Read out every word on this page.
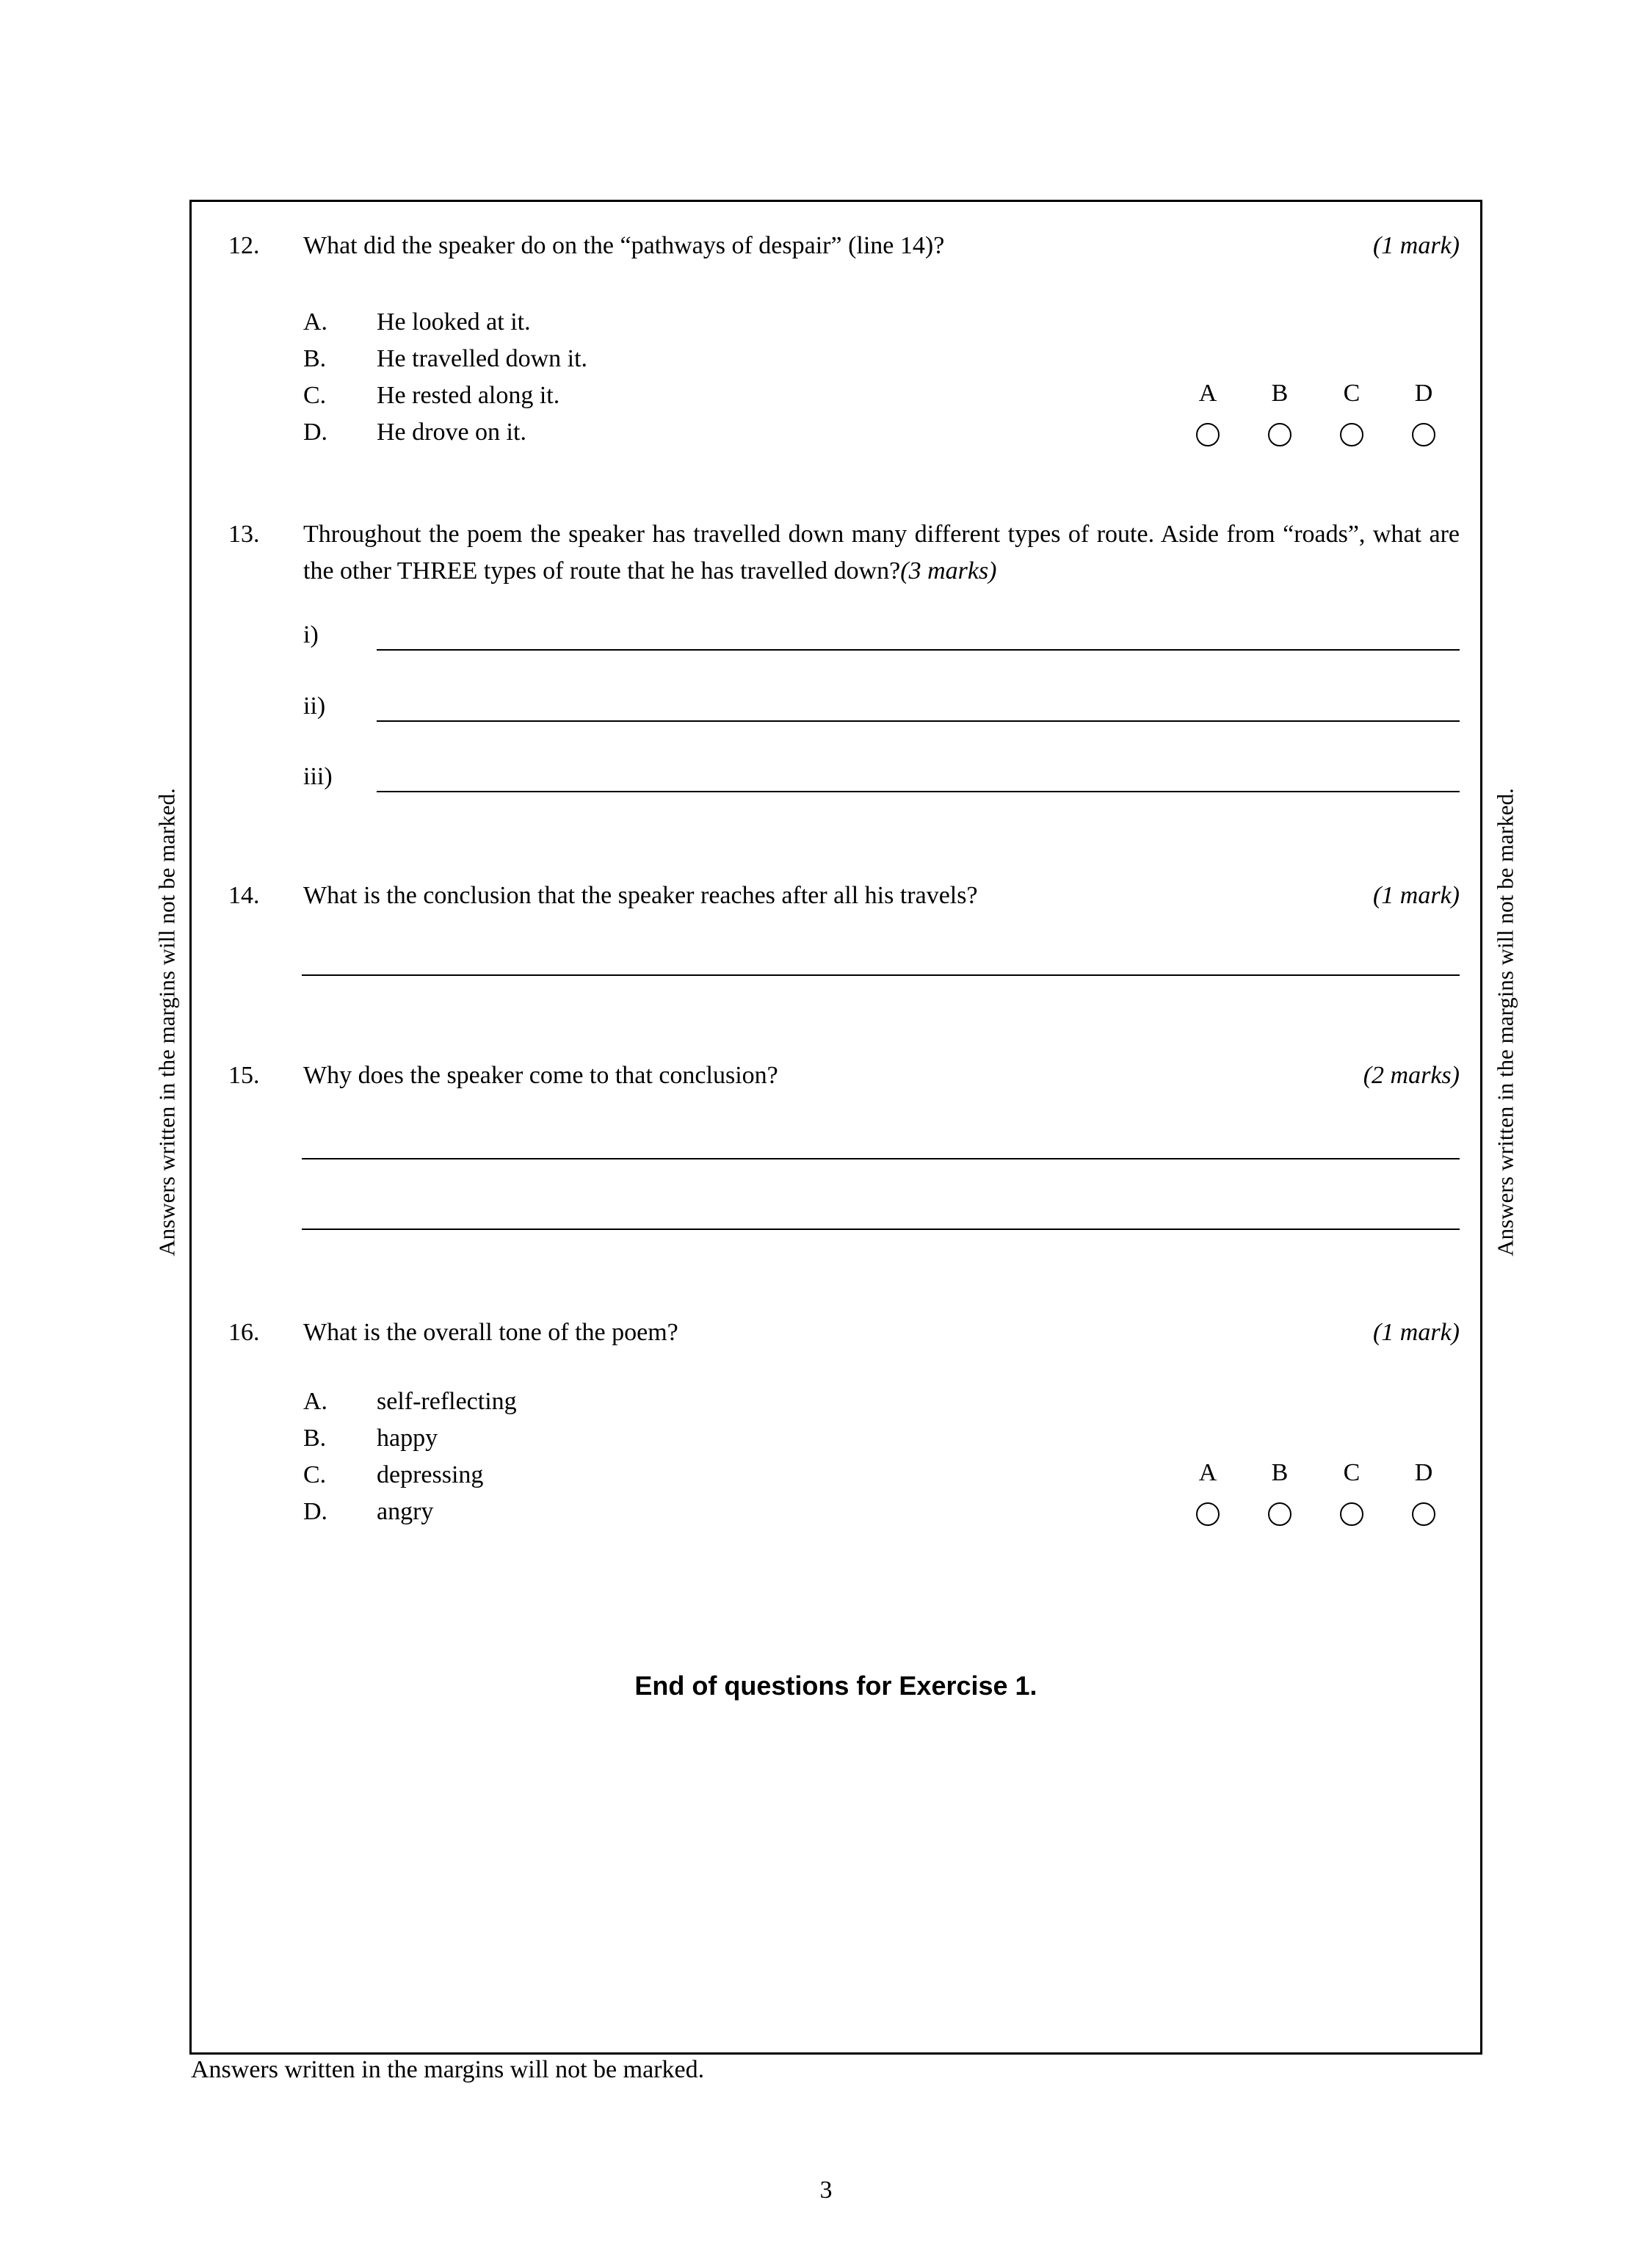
Answers written in the margins will not be marked.	Answers written in the margins will not be marked.
12.	What did the speaker do on the “pathways of despair” (line 14)?	(1 mark)
A.	He looked at it.
B.	He travelled down it.
C.	He rested along it.
D.	He drove on it.
A	B	C	D
13.	Throughout the poem the speaker has travelled down many different types of route. Aside from “roads”, what are the other THREE types of route that he has travelled down?(3 marks)

i)
ii)
iii)
14.	What is the conclusion that the speaker reaches after all his travels?	(1 mark)
15.	Why does the speaker come to that conclusion?	(2 marks)
16.	What is the overall tone of the poem?	(1 mark)
A.	self-reflecting
B.	happy
C.	depressing
D.	angry
A	B	C	D
End of questions for Exercise 1.
Answers written in the margins will not be marked.
3
